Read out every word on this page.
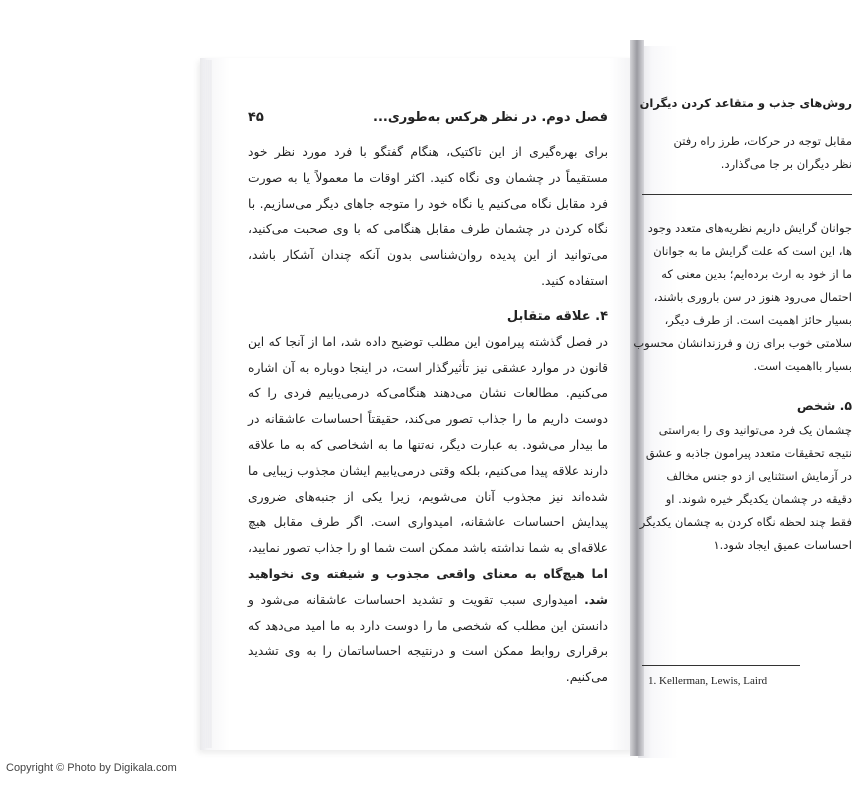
فصل دوم. در نظر هرکس به‌طوری...
۴۵

برای بهره‌گیری از این تاکتیک، هنگام گفتگو با فرد مورد نظر خود مستقیماً در چشمان وی نگاه کنید. اکثر اوقات ما معمولاً یا به صورت فرد مقابل نگاه می‌کنیم یا نگاه خود را متوجه جاهای دیگر می‌سازیم. با نگاه کردن در چشمان طرف مقابل هنگامی که با وی صحبت می‌کنید، می‌توانید از این پدیده روان‌شناسی بدون آنکه چندان آشکار باشد، استفاده کنید.

۴. علاقه متقابل

در فصل گذشته پیرامون این مطلب توضیح داده شد، اما از آنجا که این قانون در موارد عشقی نیز تأثیرگذار است، در اینجا دوباره به آن اشاره می‌کنیم. مطالعات نشان می‌دهند هنگامی‌که درمی‌یابیم فردی را که دوست داریم ما را جذاب تصور می‌کند، حقیقتاً احساسات عاشقانه در ما بیدار می‌شود. به عبارت دیگر، نه‌تنها ما به اشخاصی که به ما علاقه دارند علاقه پیدا می‌کنیم، بلکه وقتی درمی‌یابیم ایشان مجذوب زیبایی ما شده‌اند نیز مجذوب آنان می‌شویم، زیرا یکی از جنبه‌های ضروری پیدایش احساسات عاشقانه، امیدواری است. اگر طرف مقابل هیچ علاقه‌ای به شما نداشته باشد ممکن است شما او را جذاب تصور نمایید، اما هیچ‌گاه به معنای واقعی مجذوب و شیفته وی نخواهید شد. امیدواری سبب تقویت و تشدید احساسات عاشقانه می‌شود و دانستن این مطلب که شخصی ما را دوست دارد به ما امید می‌دهد که برقراری روابط ممکن است و درنتیجه احساساتمان را به وی تشدید می‌کنیم.

روش‌های جذب و متقاعد کردن دیگران
مقابل توجه در حرکات، طرز راه رفتن
نظر دیگران بر جا می‌گذارد.
جوانان گرایش داریم نظریه‌های متعدد وجود
ها، این است که علت گرایش ما به جوانان
ما از خود به ارث برده‌ایم؛ بدین معنی که
احتمال می‌رود هنوز در سن باروری باشند،
بسیار حائز اهمیت است. از طرف دیگر،
سلامتی خوب برای زن و فرزندانشان محسوب
بسیار بااهمیت است.
۵. شخص
چشمان یک فرد می‌توانید وی را به‌راستی
نتیجه تحقیقات متعدد پیرامون جاذبه و عشق
در آزمایش استثنایی از دو جنس مخالف
دقیقه در چشمان یکدیگر خیره شوند. او
فقط چند لحظه نگاه کردن به چشمان یکدیگر
احساسات عمیق ایجاد شود.۱
1. Kellerman, Lewis, Laird
Copyright © Photo by Digikala.com
